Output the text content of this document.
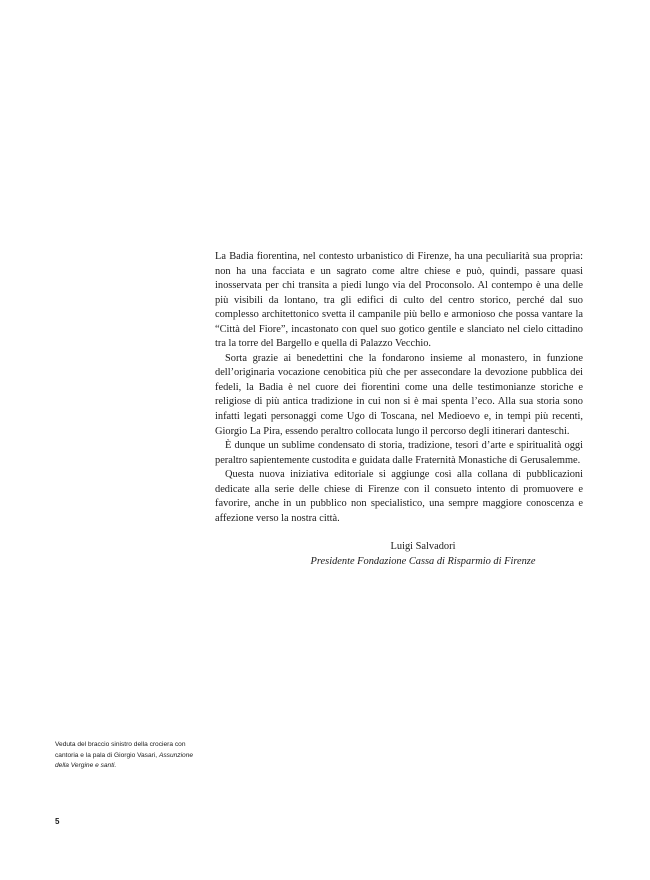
La Badia fiorentina, nel contesto urbanistico di Firenze, ha una peculiarità sua propria: non ha una facciata e un sagrato come altre chiese e può, quindi, passare quasi inosservata per chi transita a piedi lungo via del Proconsolo. Al contempo è una delle più visibili da lontano, tra gli edifici di culto del centro storico, perché dal suo complesso architettonico svetta il campanile più bello e armonioso che possa vantare la “Città del Fiore”, incastonato con quel suo gotico gentile e slanciato nel cielo cittadino tra la torre del Bargello e quella di Palazzo Vecchio.

Sorta grazie ai benedettini che la fondarono insieme al monastero, in funzione dell’originaria vocazione cenobitica più che per assecondare la devozione pubblica dei fedeli, la Badia è nel cuore dei fiorentini come una delle testimonianze storiche e religiose di più antica tradizione in cui non si è mai spenta l’eco. Alla sua storia sono infatti legati personaggi come Ugo di Toscana, nel Medioevo e, in tempi più recenti, Giorgio La Pira, essendo peraltro collocata lungo il percorso degli itinerari danteschi.

È dunque un sublime condensato di storia, tradizione, tesori d’arte e spiritualità oggi peraltro sapientemente custodita e guidata dalle Fraternità Monastiche di Gerusalemme.

Questa nuova iniziativa editoriale si aggiunge così alla collana di pubblicazioni dedicate alla serie delle chiese di Firenze con il consueto intento di promuovere e favorire, anche in un pubblico non specialistico, una sempre maggiore conoscenza e affezione verso la nostra città.

Luigi Salvadori
Presidente Fondazione Cassa di Risparmio di Firenze
Veduta del braccio sinistro della crociera con cantoria e la pala di Giorgio Vasari, Assunzione della Vergine e santi.
5
